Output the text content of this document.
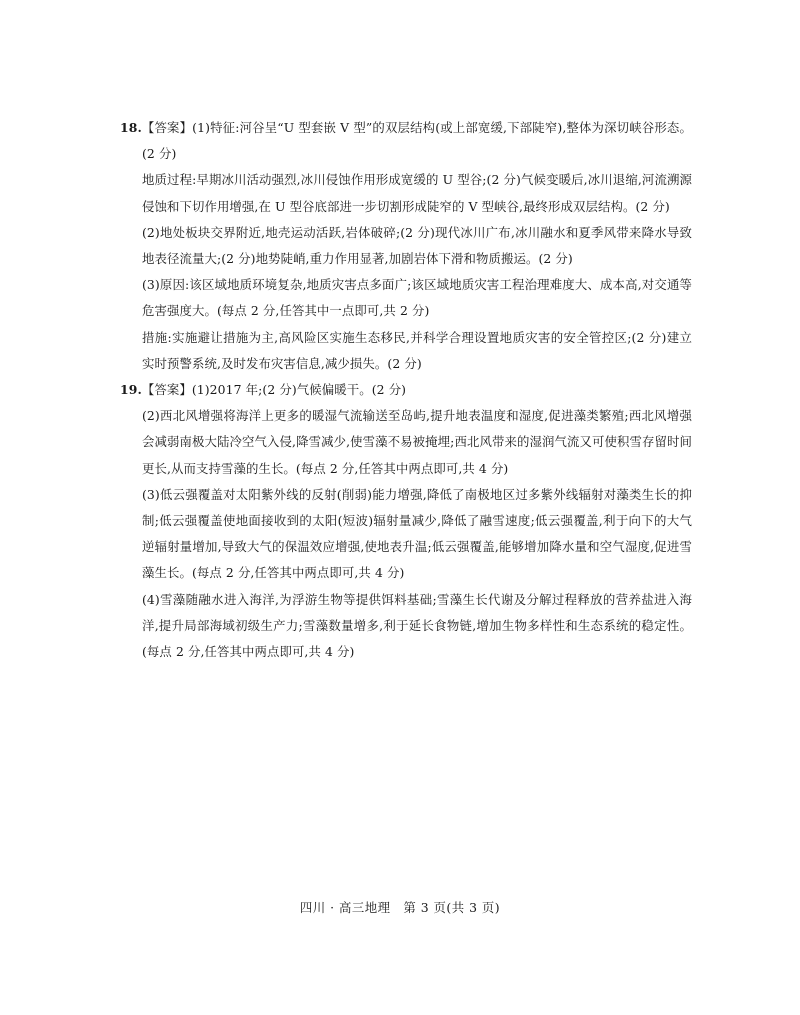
18.【答案】(1)特征:河谷呈“U 型套嵌 V 型”的双层结构(或上部宽缓,下部陡窄),整体为深切峡谷形态。(2 分)

地质过程:早期冰川活动强烈,冰川侵蚀作用形成宽缓的 U 型谷;(2 分)气候变暖后,冰川退缩,河流溯源侵蚀和下切作用增强,在 U 型谷底部进一步切割形成陡窄的 V 型峡谷,最终形成双层结构。(2 分)

(2)地处板块交界附近,地壳运动活跃,岩体破碎;(2 分)现代冰川广布,冰川融水和夏季风带来降水导致地表径流量大;(2 分)地势陡峭,重力作用显著,加剧岩体下滑和物质搬运。(2 分)

(3)原因:该区域地质环境复杂,地质灾害点多面广;该区域地质灾害工程治理难度大、成本高,对交通等危害强度大。(每点 2 分,任答其中一点即可,共 2 分)

措施:实施避让措施为主,高风险区实施生态移民,并科学合理设置地质灾害的安全管控区;(2 分)建立实时预警系统,及时发布灾害信息,减少损失。(2 分)

19.【答案】(1)2017 年;(2 分)气候偏暖干。(2 分)

(2)西北风增强将海洋上更多的暖湿气流输送至岛屿,提升地表温度和湿度,促进藻类繁殖;西北风增强会减弱南极大陆冷空气入侵,降雪减少,使雪藻不易被掩埋;西北风带来的湿润气流又可使积雪存留时间更长,从而支持雪藻的生长。(每点 2 分,任答其中两点即可,共 4 分)

(3)低云强覆盖对太阳紫外线的反射(削弱)能力增强,降低了南极地区过多紫外线辐射对藻类生长的抑制;低云强覆盖使地面接收到的太阳(短波)辐射量减少,降低了融雪速度;低云强覆盖,利于向下的大气逆辐射量增加,导致大气的保温效应增强,使地表升温;低云强覆盖,能够增加降水量和空气湿度,促进雪藻生长。(每点 2 分,任答其中两点即可,共 4 分)

(4)雪藻随融水进入海洋,为浮游生物等提供饵料基础;雪藻生长代谢及分解过程释放的营养盐进入海洋,提升局部海域初级生产力;雪藻数量增多,利于延长食物链,增加生物多样性和生态系统的稳定性。(每点 2 分,任答其中两点即可,共 4 分)

四川 · 高三地理　第 3 页(共 3 页)
